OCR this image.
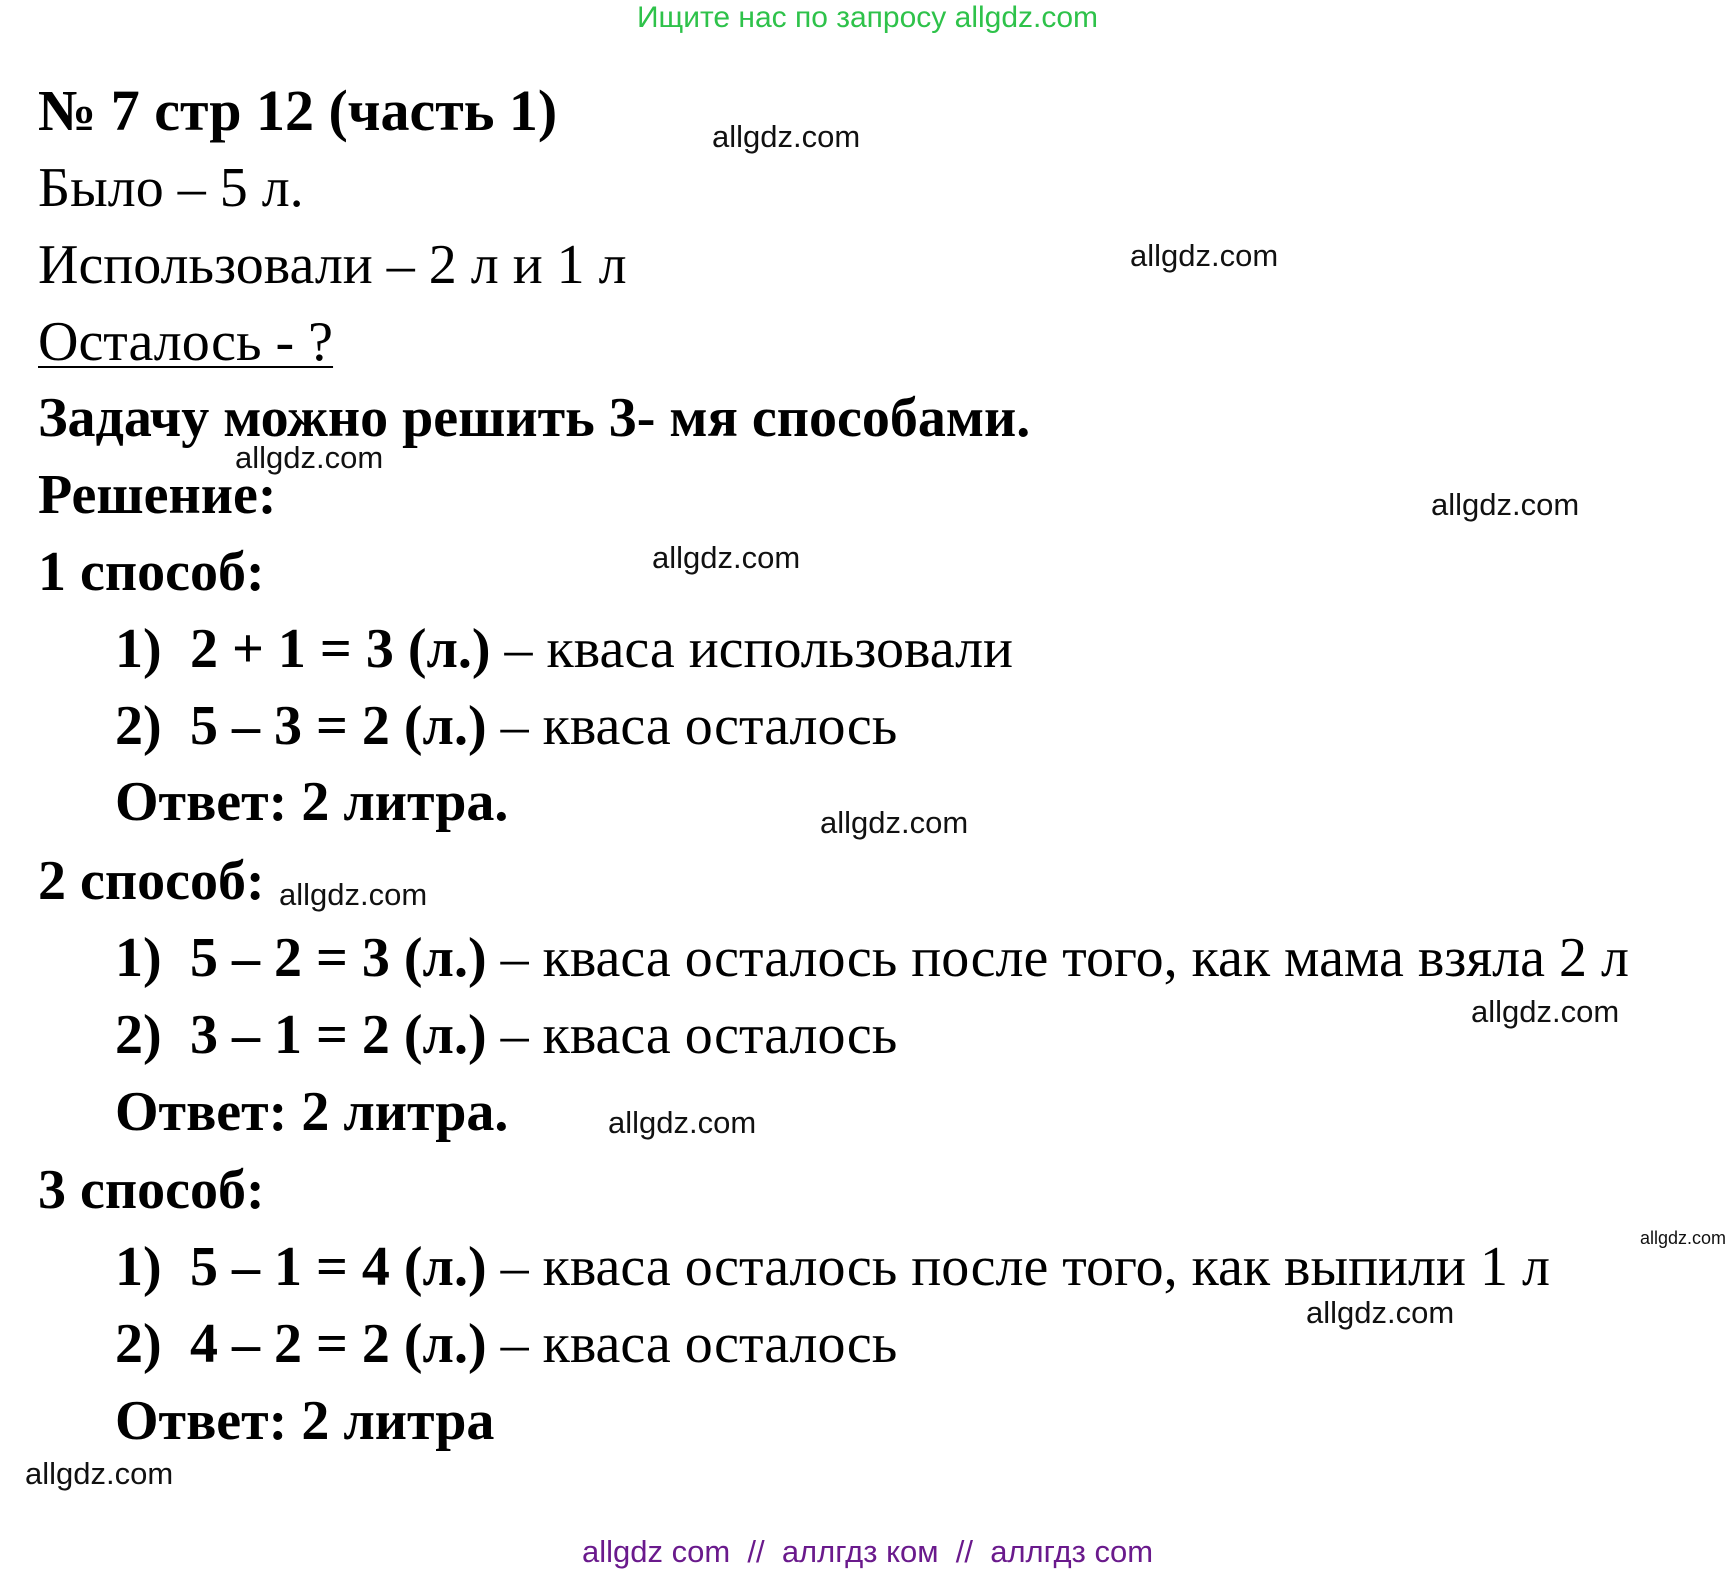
Ищите нас по запросу allgdz.com
№ 7 стр 12 (часть 1)
Было – 5 л.
Использовали – 2 л и 1 л
Осталось - ?
Задачу можно решить 3- мя способами.
Решение:
1 способ:
1) 2 + 1 = 3 (л.) – кваса использовали
2) 5 – 3 = 2 (л.) – кваса осталось
Ответ: 2 литра.
2 способ:
1) 5 – 2 = 3 (л.) – кваса осталось после того, как мама взяла 2 л
2) 3 – 1 = 2 (л.) – кваса осталось
Ответ: 2 литра.
3 способ:
1) 5 – 1 = 4 (л.) – кваса осталось после того, как выпили 1 л
2) 4 – 2 = 2 (л.) – кваса осталось
Ответ: 2 литра
allgdz.com
allgdz.com
allgdz.com
allgdz.com
allgdz.com
allgdz.com
allgdz.com
allgdz.com
allgdz.com
allgdz.com
allgdz.com
allgdz.com
allgdz com  //  аллгдз ком  //  аллгдз com
